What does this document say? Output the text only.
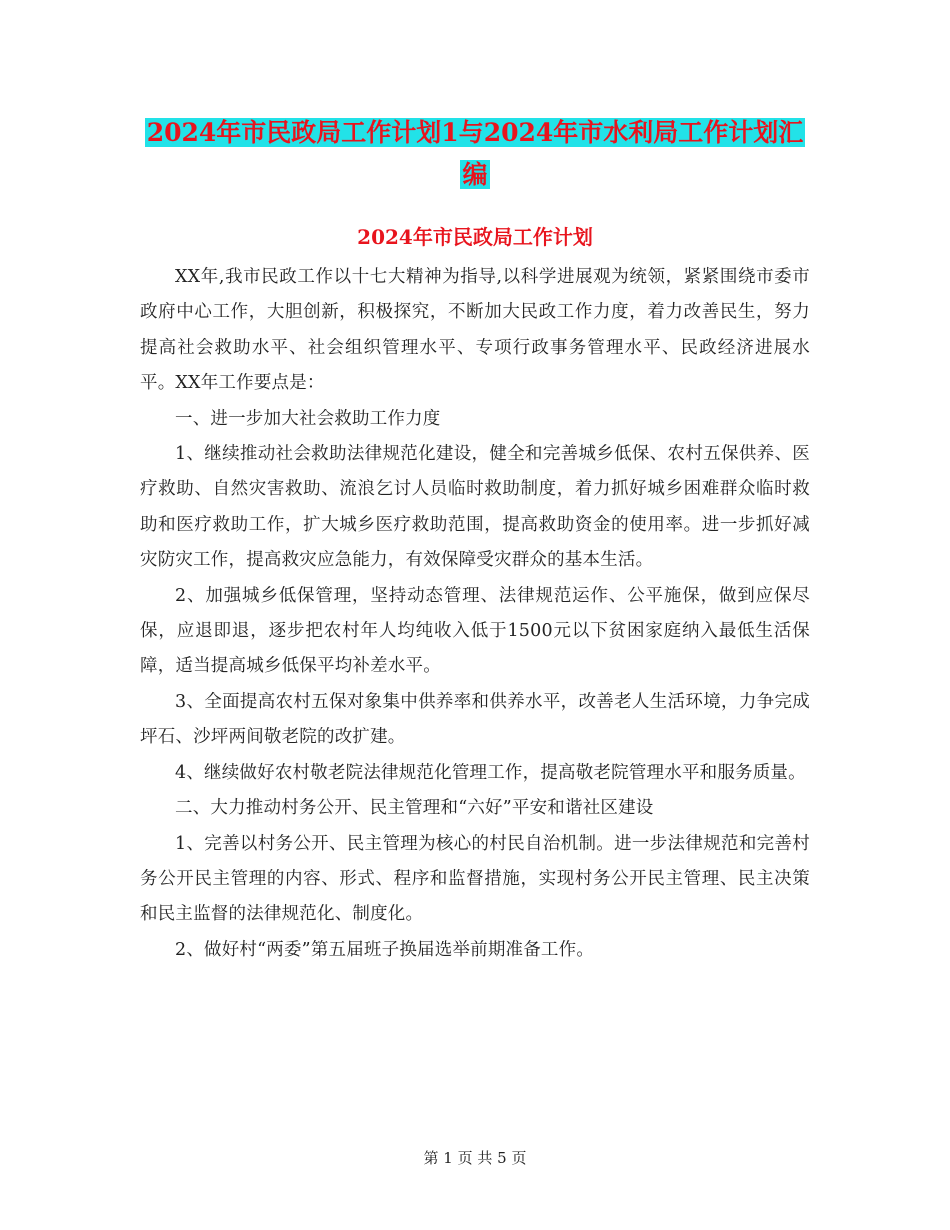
2024年市民政局工作计划1与2024年市水利局工作计划汇编
2024年市民政局工作计划

XX年,我市民政工作以十七大精神为指导,以科学进展观为统领，紧紧围绕市委市政府中心工作，大胆创新，积极探究，不断加大民政工作力度，着力改善民生，努力提高社会救助水平、社会组织管理水平、专项行政事务管理水平、民政经济进展水平。XX年工作要点是：

一、进一步加大社会救助工作力度

1、继续推动社会救助法律规范化建设，健全和完善城乡低保、农村五保供养、医疗救助、自然灾害救助、流浪乞讨人员临时救助制度，着力抓好城乡困难群众临时救助和医疗救助工作，扩大城乡医疗救助范围，提高救助资金的使用率。进一步抓好减灾防灾工作，提高救灾应急能力，有效保障受灾群众的基本生活。

2、加强城乡低保管理，坚持动态管理、法律规范运作、公平施保，做到应保尽保，应退即退，逐步把农村年人均纯收入低于1500元以下贫困家庭纳入最低生活保障，适当提高城乡低保平均补差水平。

3、全面提高农村五保对象集中供养率和供养水平，改善老人生活环境，力争完成坪石、沙坪两间敬老院的改扩建。

4、继续做好农村敬老院法律规范化管理工作，提高敬老院管理水平和服务质量。

二、大力推动村务公开、民主管理和“六好”平安和谐社区建设

1、完善以村务公开、民主管理为核心的村民自治机制。进一步法律规范和完善村务公开民主管理的内容、形式、程序和监督措施，实现村务公开民主管理、民主决策和民主监督的法律规范化、制度化。

2、做好村“两委”第五届班子换届选举前期准备工作。

第 1 页 共 5 页
